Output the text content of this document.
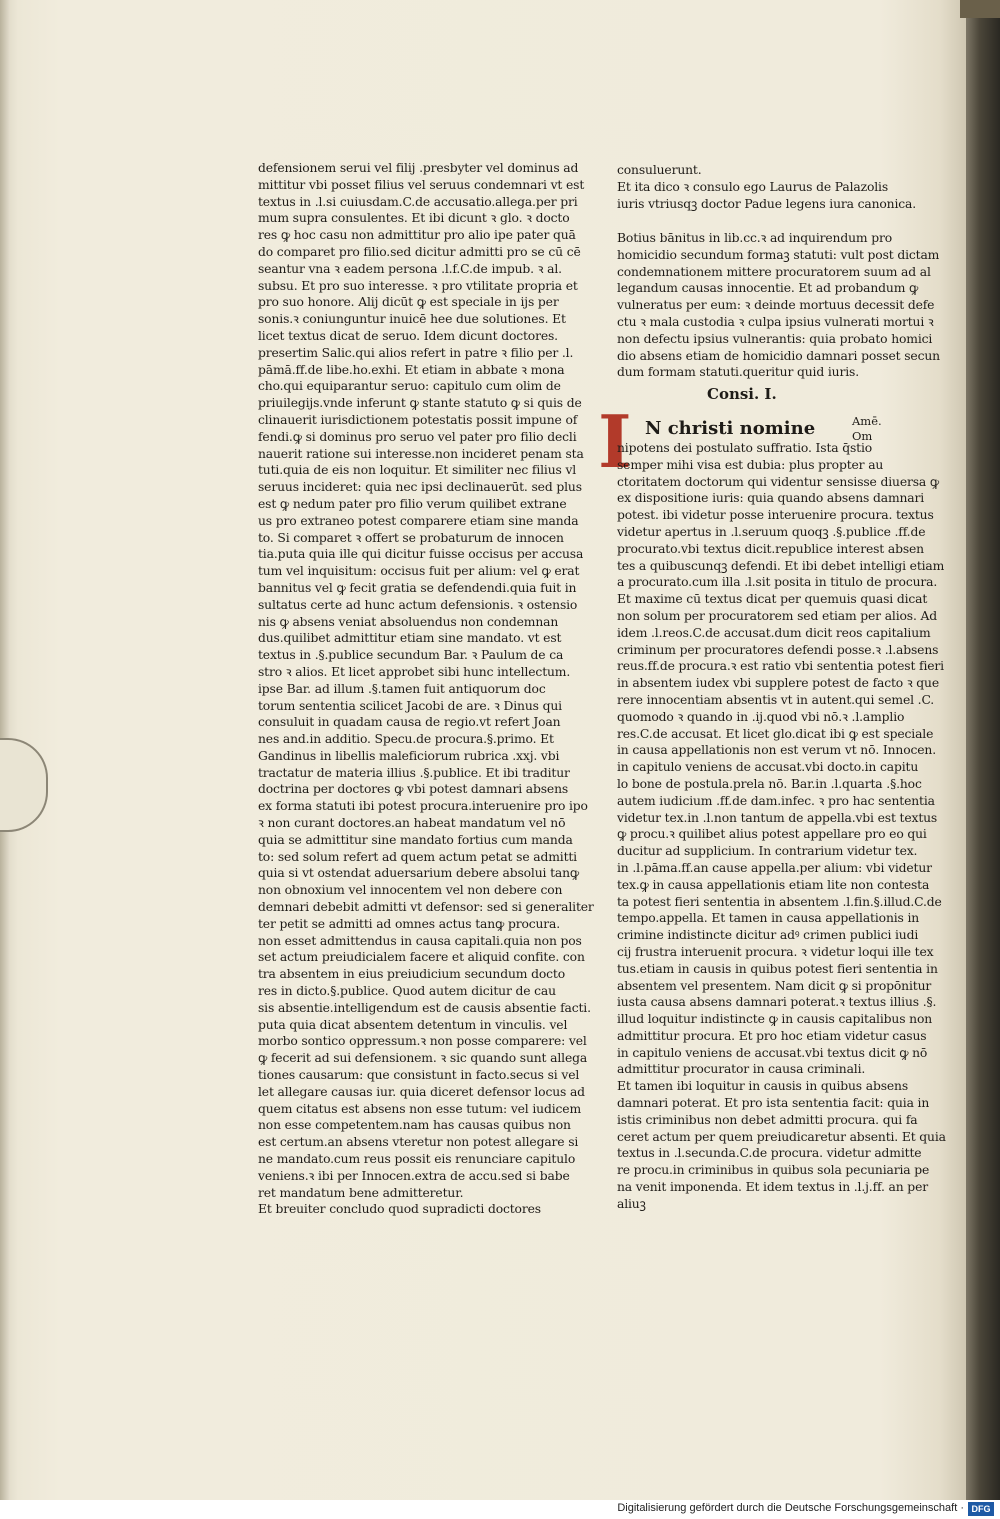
defensionem serui vel filij .presbyter vel dominus ad
mittitur vbi posset filius vel seruus condemnari vt est
textus in .l.si cuiusdam.C.de accusatio.allega.per pri
mum supra consulentes. Et ibi dicunt ꝛ glo. ꝛ docto
res ꝙ hoc casu non admittitur pro alio ipe pater quā
do comparet pro filio.sed dicitur admitti pro se cū cē
seantur vna ꝛ eadem persona .l.f.C.de impub. ꝛ al.
subsu. Et pro suo interesse. ꝛ pro vtilitate propria et
pro suo honore. Alij dicūt ꝙ est speciale in ijs per
sonis.ꝛ coniunguntur inuicē hee due solutiones. Et
licet textus dicat de seruo. Idem dicunt doctores.
presertim Salic.qui alios refert in patre ꝛ filio per .l.
pāmā.ff.de libe.ho.exhi. Et etiam in abbate ꝛ mona
cho.qui equiparantur seruo: capitulo cum olim de
priuilegijs.vnde inferunt ꝙ stante statuto ꝙ si quis de
clinauerit iurisdictionem potestatis possit impune of
fendi.ꝙ si dominus pro seruo vel pater pro filio decli
nauerit ratione sui interesse.non incideret penam sta
tuti.quia de eis non loquitur. Et similiter nec filius vl
seruus incideret: quia nec ipsi declinauerūt. sed plus
est ꝙ nedum pater pro filio verum quilibet extrane
us pro extraneo potest comparere etiam sine manda
to. Si comparet ꝛ offert se probaturum de innocen
tia.puta quia ille qui dicitur fuisse occisus per accusa
tum vel inquisitum: occisus fuit per alium: vel ꝙ erat
bannitus vel ꝙ fecit gratia se defendendi.quia fuit in
sultatus certe ad hunc actum defensionis. ꝛ ostensio
nis ꝙ absens veniat absoluendus non condemnan
dus.quilibet admittitur etiam sine mandato. vt est
textus in .§.publice secundum Bar. ꝛ Paulum de ca
stro ꝛ alios. Et licet approbet sibi hunc intellectum.
ipse Bar. ad illum .§.tamen fuit antiquorum doc
torum sententia scilicet Jacobi de are. ꝛ Dinus qui
consuluit in quadam causa de regio.vt refert Joan
nes and.in additio. Specu.de procura.§.primo. Et
Gandinus in libellis maleficiorum rubrica .xxj. vbi
tractatur de materia illius .§.publice. Et ibi traditur
doctrina per doctores ꝙ vbi potest damnari absens
ex forma statuti ibi potest procura.interuenire pro ipo
ꝛ non curant doctores.an habeat mandatum vel nō
quia se admittitur sine mandato fortius cum manda
to: sed solum refert ad quem actum petat se admitti
quia si vt ostendat aduersarium debere absolui tanꝙ
non obnoxium vel innocentem vel non debere con
demnari debebit admitti vt defensor: sed si generaliter
ter petit se admitti ad omnes actus tanꝙ procura.
non esset admittendus in causa capitali.quia non pos
set actum preiudicialem facere et aliquid confite. con
tra absentem in eius preiudicium secundum docto
res in dicto.§.publice. Quod autem dicitur de cau
sis absentie.intelligendum est de causis absentie facti.
puta quia dicat absentem detentum in vinculis. vel
morbo sontico oppressum.ꝛ non posse comparere: vel
ꝙ fecerit ad sui defensionem. ꝛ sic quando sunt allega
tiones causarum: que consistunt in facto.secus si vel
let allegare causas iur. quia diceret defensor locus ad
quem citatus est absens non esse tutum: vel iudicem
non esse competentem.nam has causas quibus non
est certum.an absens vteretur non potest allegare si
ne mandato.cum reus possit eis renunciare capitulo
veniens.ꝛ ibi per Innocen.extra de accu.sed si babe
ret mandatum bene admitteretur.
Et breuiter concludo quod supradicti doctores
consuluerunt.
Et ita dico ꝛ consulo ego Laurus de Palazolis
iuris vtriusqꝫ doctor Padue legens iura canonica.
Botius bānitus in lib.cc.ꝛ ad inquirendum pro
homicidio secundum formaꝫ statuti: vult post dictam
condemnationem mittere procuratorem suum ad al
legandum causas innocentie. Et ad probandum ꝙ
vulneratus per eum: ꝛ deinde mortuus decessit defe
ctu ꝛ mala custodia ꝛ culpa ipsius vulnerati mortui ꝛ
non defectu ipsius vulnerantis: quia probato homici
dio absens etiam de homicidio damnari posset secun
dum formam statuti.queritur quid iuris.
Consi. I.
I N christi nomine	Amē.
Om
nipotens dei postulato suffratio. Ista q̄stio
semper mihi visa est dubia: plus propter au
ctoritatem doctorum qui videntur sensisse diuersa ꝙ
ex dispositione iuris: quia quando absens damnari
potest. ibi videtur posse interuenire procura. textus
videtur apertus in .l.seruum quoqꝫ .§.publice .ff.de
procurato.vbi textus dicit.republice interest absen
tes a quibuscunqꝫ defendi. Et ibi debet intelligi etiam
a procurato.cum illa .l.sit posita in titulo de procura.
Et maxime cū textus dicat per quemuis quasi dicat
non solum per procuratorem sed etiam per alios. Ad
idem .l.reos.C.de accusat.dum dicit reos capitalium
criminum per procuratores defendi posse.ꝛ .l.absens
reus.ff.de procura.ꝛ est ratio vbi sententia potest fieri
in absentem iudex vbi supplere potest de facto ꝛ que
rere innocentiam absentis vt in autent.qui semel .C.
quomodo ꝛ quando in .ij.quod vbi nō.ꝛ .l.amplio
res.C.de accusat. Et licet glo.dicat ibi ꝙ est speciale
in causa appellationis non est verum vt nō. Innocen.
in capitulo veniens de accusat.vbi docto.in capitu
lo bone de postula.prela nō. Bar.in .l.quarta .§.hoc
autem iudicium .ff.de dam.infec. ꝛ pro hac sententia
videtur tex.in .l.non tantum de appella.vbi est textus
ꝙ procu.ꝛ quilibet alius potest appellare pro eo qui
ducitur ad supplicium. In contrarium videtur tex.
in .l.pāma.ff.an cause appella.per alium: vbi videtur
tex.ꝙ in causa appellationis etiam lite non contesta
ta potest fieri sententia in absentem .l.fin.§.illud.C.de
tempo.appella. Et tamen in causa appellationis in
crimine indistincte dicitur adꝰ crimen publici iudi
cij frustra interuenit procura. ꝛ videtur loqui ille tex
tus.etiam in causis in quibus potest fieri sententia in
absentem vel presentem. Nam dicit ꝙ si propōnitur
iusta causa absens damnari poterat.ꝛ textus illius .§.
illud loquitur indistincte ꝙ in causis capitalibus non
admittitur procura. Et pro hoc etiam videtur casus
in capitulo veniens de accusat.vbi textus dicit ꝙ nō
admittitur procurator in causa criminali.
Et tamen ibi loquitur in causis in quibus absens
damnari poterat. Et pro ista sententia facit: quia in
istis criminibus non debet admitti procura. qui fa
ceret actum per quem preiudicaretur absenti. Et quia
textus in .l.secunda.C.de procura. videtur admitte
re procu.in criminibus in quibus sola pecuniaria pe
na venit imponenda. Et idem textus in .l.j.ff. an per
aliuꝫ
Digitalisierung gefördert durch die Deutsche Forschungsgemeinschaft · DFG
